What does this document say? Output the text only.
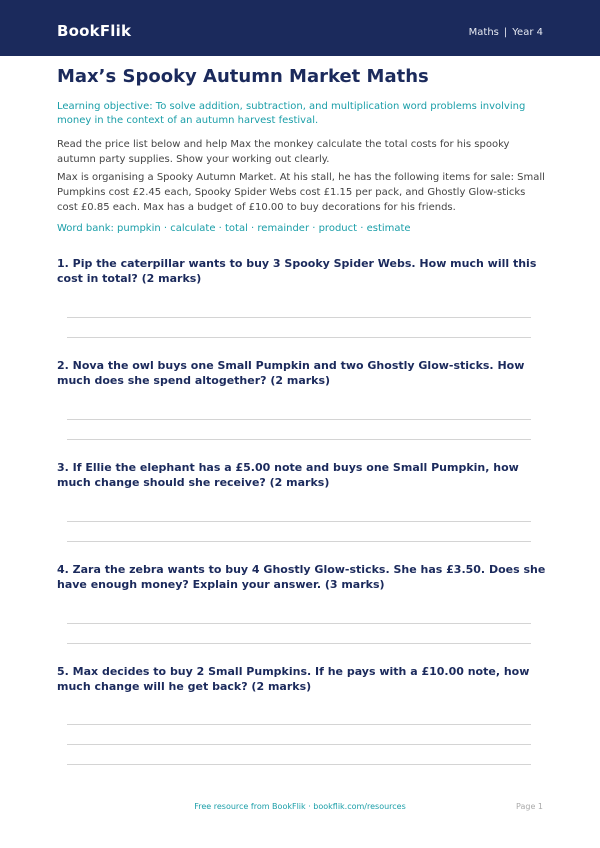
BookFlik	Maths | Year 4
Max’s Spooky Autumn Market Maths
Learning objective: To solve addition, subtraction, and multiplication word problems involving money in the context of an autumn harvest festival.
Read the price list below and help Max the monkey calculate the total costs for his spooky autumn party supplies. Show your working out clearly.
Max is organising a Spooky Autumn Market. At his stall, he has the following items for sale: Small Pumpkins cost £2.45 each, Spooky Spider Webs cost £1.15 per pack, and Ghostly Glow-sticks cost £0.85 each. Max has a budget of £10.00 to buy decorations for his friends.
Word bank: pumpkin · calculate · total · remainder · product · estimate
1. Pip the caterpillar wants to buy 3 Spooky Spider Webs. How much will this cost in total? (2 marks)
2. Nova the owl buys one Small Pumpkin and two Ghostly Glow-sticks. How much does she spend altogether? (2 marks)
3. If Ellie the elephant has a £5.00 note and buys one Small Pumpkin, how much change should she receive? (2 marks)
4. Zara the zebra wants to buy 4 Ghostly Glow-sticks. She has £3.50. Does she have enough money? Explain your answer. (3 marks)
5. Max decides to buy 2 Small Pumpkins. If he pays with a £10.00 note, how much change will he get back? (2 marks)
Free resource from BookFlik · bookflik.com/resources	Page 1
